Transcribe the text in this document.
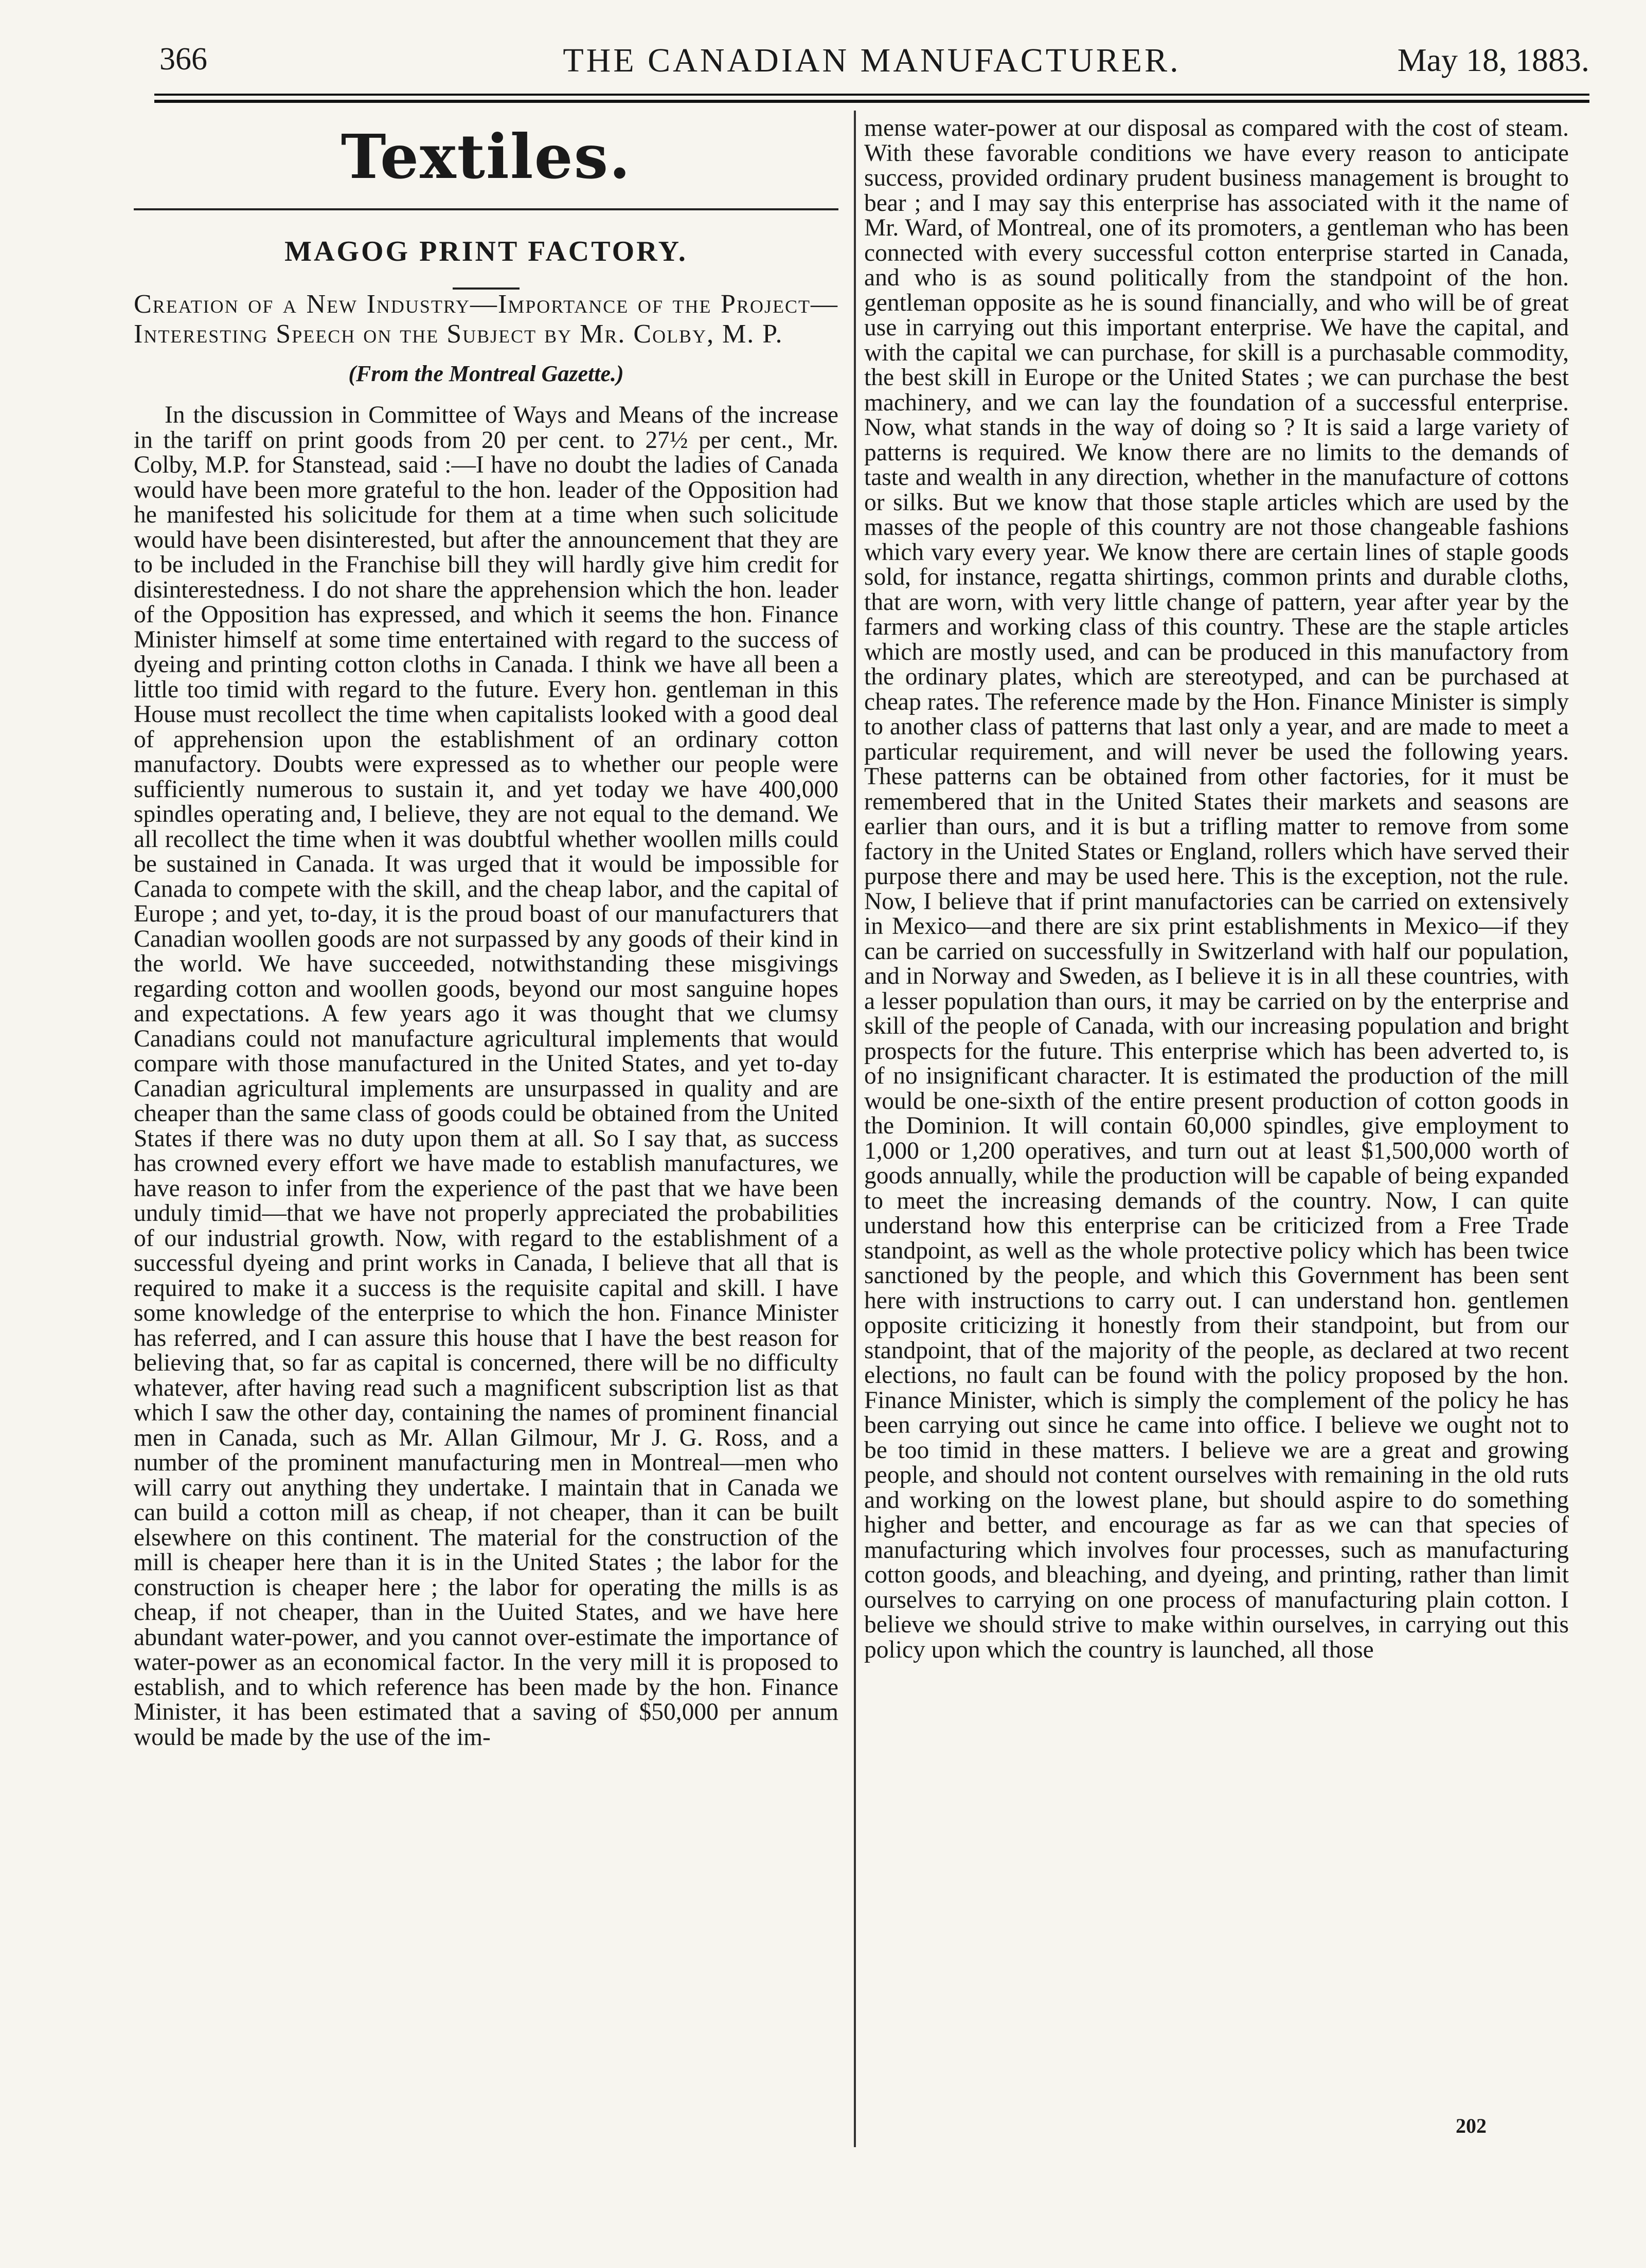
366	THE CANADIAN MANUFACTURER.	May 18, 1883.
Textiles.
MAGOG PRINT FACTORY.

Creation of a New Industry—Importance of the Project—Interesting Speech on the Subject by Mr. Colby, M. P.

(From the Montreal Gazette.)

In the discussion in Committee of Ways and Means of the increase in the tariff on print goods from 20 per cent. to 27½ per cent., Mr. Colby, M.P. for Stanstead, said :—I have no doubt the ladies of Canada would have been more grateful to the hon. leader of the Opposition had he manifested his solicitude for them at a time when such solicitude would have been disinterested, but after the announcement that they are to be included in the Franchise bill they will hardly give him credit for disinterestedness. I do not share the apprehension which the hon. leader of the Opposition has expressed, and which it seems the hon. Finance Minister himself at some time entertained with regard to the success of dyeing and printing cotton cloths in Canada. I think we have all been a little too timid with regard to the future. Every hon. gentleman in this House must recollect the time when capitalists looked with a good deal of apprehension upon the establishment of an ordinary cotton manufactory. Doubts were expressed as to whether our people were sufficiently numerous to sustain it, and yet today we have 400,000 spindles operating and, I believe, they are not equal to the demand. We all recollect the time when it was doubtful whether woollen mills could be sustained in Canada. It was urged that it would be impossible for Canada to compete with the skill, and the cheap labor, and the capital of Europe ; and yet, to-day, it is the proud boast of our manufacturers that Canadian woollen goods are not surpassed by any goods of their kind in the world. We have succeeded, notwithstanding these misgivings regarding cotton and woollen goods, beyond our most sanguine hopes and expectations. A few years ago it was thought that we clumsy Canadians could not manufacture agricultural implements that would compare with those manufactured in the United States, and yet to-day Canadian agricultural implements are unsurpassed in quality and are cheaper than the same class of goods could be obtained from the United States if there was no duty upon them at all. So I say that, as success has crowned every effort we have made to establish manufactures, we have reason to infer from the experience of the past that we have been unduly timid—that we have not properly appreciated the probabilities of our industrial growth. Now, with regard to the establishment of a successful dyeing and print works in Canada, I believe that all that is required to make it a success is the requisite capital and skill. I have some knowledge of the enterprise to which the hon. Finance Minister has referred, and I can assure this house that I have the best reason for believing that, so far as capital is concerned, there will be no difficulty whatever, after having read such a magnificent subscription list as that which I saw the other day, containing the names of prominent financial men in Canada, such as Mr. Allan Gilmour, Mr J. G. Ross, and a number of the prominent manufacturing men in Montreal—men who will carry out anything they undertake. I maintain that in Canada we can build a cotton mill as cheap, if not cheaper, than it can be built elsewhere on this continent. The material for the construction of the mill is cheaper here than it is in the United States ; the labor for the construction is cheaper here ; the labor for operating the mills is as cheap, if not cheaper, than in the Uuited States, and we have here abundant water-power, and you cannot over-estimate the importance of water-power as an economical factor. In the very mill it is proposed to establish, and to which reference has been made by the hon. Finance Minister, it has been estimated that a saving of $50,000 per annum would be made by the use of the im-

mense water-power at our disposal as compared with the cost of steam. With these favorable conditions we have every reason to anticipate success, provided ordinary prudent business management is brought to bear ; and I may say this enterprise has associated with it the name of Mr. Ward, of Montreal, one of its promoters, a gentleman who has been connected with every successful cotton enterprise started in Canada, and who is as sound politically from the standpoint of the hon. gentleman opposite as he is sound financially, and who will be of great use in carrying out this important enterprise. We have the capital, and with the capital we can purchase, for skill is a purchasable commodity, the best skill in Europe or the United States ; we can purchase the best machinery, and we can lay the foundation of a successful enterprise. Now, what stands in the way of doing so ? It is said a large variety of patterns is required. We know there are no limits to the demands of taste and wealth in any direction, whether in the manufacture of cottons or silks. But we know that those staple articles which are used by the masses of the people of this country are not those changeable fashions which vary every year. We know there are certain lines of staple goods sold, for instance, regatta shirtings, common prints and durable cloths, that are worn, with very little change of pattern, year after year by the farmers and working class of this country. These are the staple articles which are mostly used, and can be produced in this manufactory from the ordinary plates, which are stereotyped, and can be purchased at cheap rates. The reference made by the Hon. Finance Minister is simply to another class of patterns that last only a year, and are made to meet a particular requirement, and will never be used the following years. These patterns can be obtained from other factories, for it must be remembered that in the United States their markets and seasons are earlier than ours, and it is but a trifling matter to remove from some factory in the United States or England, rollers which have served their purpose there and may be used here. This is the exception, not the rule. Now, I believe that if print manufactories can be carried on extensively in Mexico—and there are six print establishments in Mexico—if they can be carried on successfully in Switzerland with half our population, and in Norway and Sweden, as I believe it is in all these countries, with a lesser population than ours, it may be carried on by the enterprise and skill of the people of Canada, with our increasing population and bright prospects for the future. This enterprise which has been adverted to, is of no insignificant character. It is estimated the production of the mill would be one-sixth of the entire present production of cotton goods in the Dominion. It will contain 60,000 spindles, give employment to 1,000 or 1,200 operatives, and turn out at least $1,500,000 worth of goods annually, while the production will be capable of being expanded to meet the increasing demands of the country. Now, I can quite understand how this enterprise can be criticized from a Free Trade standpoint, as well as the whole protective policy which has been twice sanctioned by the people, and which this Government has been sent here with instructions to carry out. I can understand hon. gentlemen opposite criticizing it honestly from their standpoint, but from our standpoint, that of the majority of the people, as declared at two recent elections, no fault can be found with the policy proposed by the hon. Finance Minister, which is simply the complement of the policy he has been carrying out since he came into office. I believe we ought not to be too timid in these matters. I believe we are a great and growing people, and should not content ourselves with remaining in the old ruts and working on the lowest plane, but should aspire to do something higher and better, and encourage as far as we can that species of manufacturing which involves four processes, such as manufacturing cotton goods, and bleaching, and dyeing, and printing, rather than limit ourselves to carrying on one process of manufacturing plain cotton. I believe we should strive to make within ourselves, in carrying out this policy upon which the country is launched, all those

202
